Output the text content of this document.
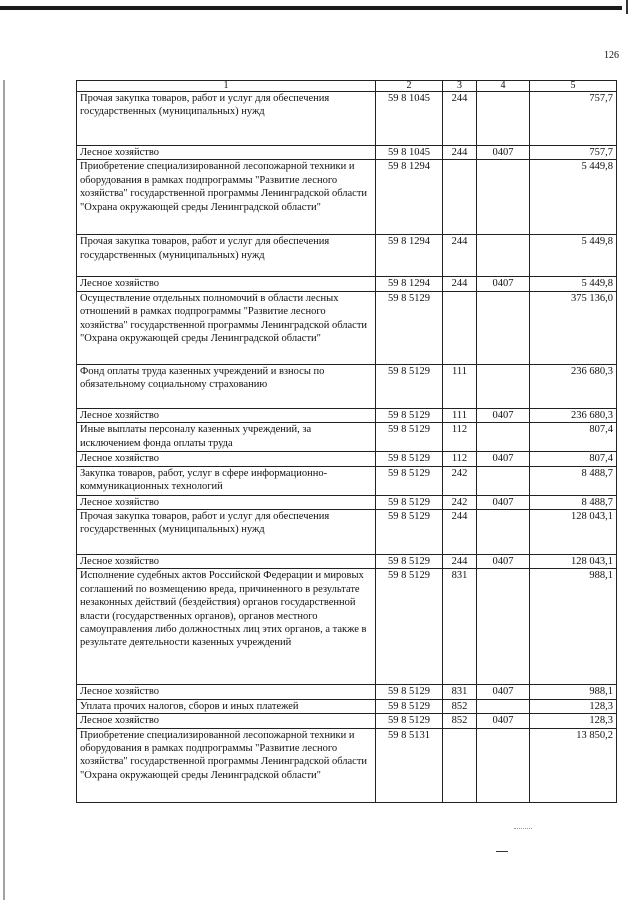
126
1	2	3	4	5
Прочая закупка товаров, работ и услуг для обеспечения государственных (муниципальных) нужд	59 8 1045	244		757,7
Лесное хозяйство	59 8 1045	244	0407	757,7
Приобретение специализированной лесопожарной техники и оборудования в рамках подпрограммы "Развитие лесного хозяйства" государственной программы Ленинградской области "Охрана окружающей среды Ленинградской области"	59 8 1294			5 449,8
Прочая закупка товаров, работ и услуг для обеспечения государственных (муниципальных) нужд	59 8 1294	244		5 449,8
Лесное хозяйство	59 8 1294	244	0407	5 449,8
Осуществление отдельных полномочий в области лесных отношений в рамках подпрограммы "Развитие лесного хозяйства" государственной программы Ленинградской области "Охрана окружающей среды Ленинградской области"	59 8 5129			375 136,0
Фонд оплаты труда казенных учреждений и взносы по обязательному социальному страхованию	59 8 5129	111		236 680,3
Лесное хозяйство	59 8 5129	111	0407	236 680,3
Иные выплаты персоналу казенных учреждений, за исключением фонда оплаты труда	59 8 5129	112		807,4
Лесное хозяйство	59 8 5129	112	0407	807,4
Закупка товаров, работ, услуг в сфере информационно-коммуникационных технологий	59 8 5129	242		8 488,7
Лесное хозяйство	59 8 5129	242	0407	8 488,7
Прочая закупка товаров, работ и услуг для обеспечения государственных (муниципальных) нужд	59 8 5129	244		128 043,1
Лесное хозяйство	59 8 5129	244	0407	128 043,1
Исполнение судебных актов Российской Федерации и мировых соглашений по возмещению вреда, причиненного в результате незаконных действий (бездействия) органов государственной власти (государственных органов), органов местного самоуправления либо должностных лиц этих органов, а также в результате деятельности казенных учреждений	59 8 5129	831		988,1
Лесное хозяйство	59 8 5129	831	0407	988,1
Уплата прочих налогов, сборов и иных платежей	59 8 5129	852		128,3
Лесное хозяйство	59 8 5129	852	0407	128,3
Приобретение специализированной лесопожарной техники и оборудования в рамках подпрограммы "Развитие лесного хозяйства" государственной программы Ленинградской области "Охрана окружающей среды Ленинградской области"	59 8 5131			13 850,2
